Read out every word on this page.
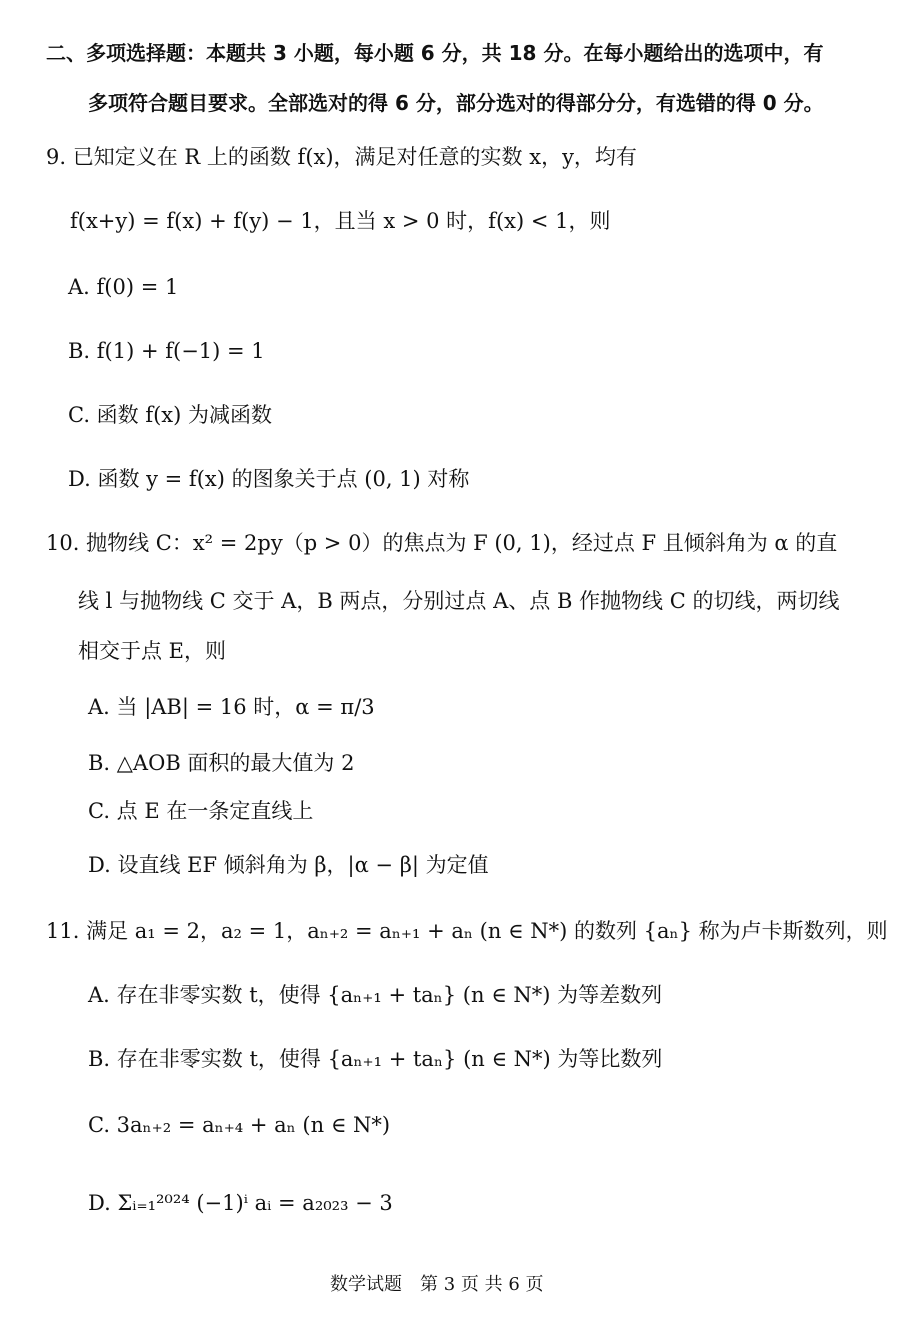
二、多项选择题：本题共 3 小题，每小题 6 分，共 18 分。在每小题给出的选项中，有
多项符合题目要求。全部选对的得 6 分，部分选对的得部分分，有选错的得 0 分。
9. 已知定义在 R 上的函数 f(x)，满足对任意的实数 x，y，均有
f(x+y) = f(x) + f(y) − 1，且当 x > 0 时，f(x) < 1，则
A. f(0) = 1
B. f(1) + f(−1) = 1
C. 函数 f(x) 为减函数
D. 函数 y = f(x) 的图象关于点 (0, 1) 对称
10. 抛物线 C：x² = 2py（p > 0）的焦点为 F (0, 1)，经过点 F 且倾斜角为 α 的直
线 l 与抛物线 C 交于 A，B 两点，分别过点 A、点 B 作抛物线 C 的切线，两切线
相交于点 E，则
A. 当 |AB| = 16 时，α = π/3
B. △AOB 面积的最大值为 2
C. 点 E 在一条定直线上
D. 设直线 EF 倾斜角为 β，|α − β| 为定值
11. 满足 a₁ = 2，a₂ = 1，aₙ₊₂ = aₙ₊₁ + aₙ (n ∈ N*) 的数列 {aₙ} 称为卢卡斯数列，则
A. 存在非零实数 t，使得 {aₙ₊₁ + taₙ} (n ∈ N*) 为等差数列
B. 存在非零实数 t，使得 {aₙ₊₁ + taₙ} (n ∈ N*) 为等比数列
C. 3aₙ₊₂ = aₙ₊₄ + aₙ (n ∈ N*)
D. Σᵢ₌₁²⁰²⁴ (−1)ⁱ aᵢ = a₂₀₂₃ − 3
数学试题　第 3 页 共 6 页
